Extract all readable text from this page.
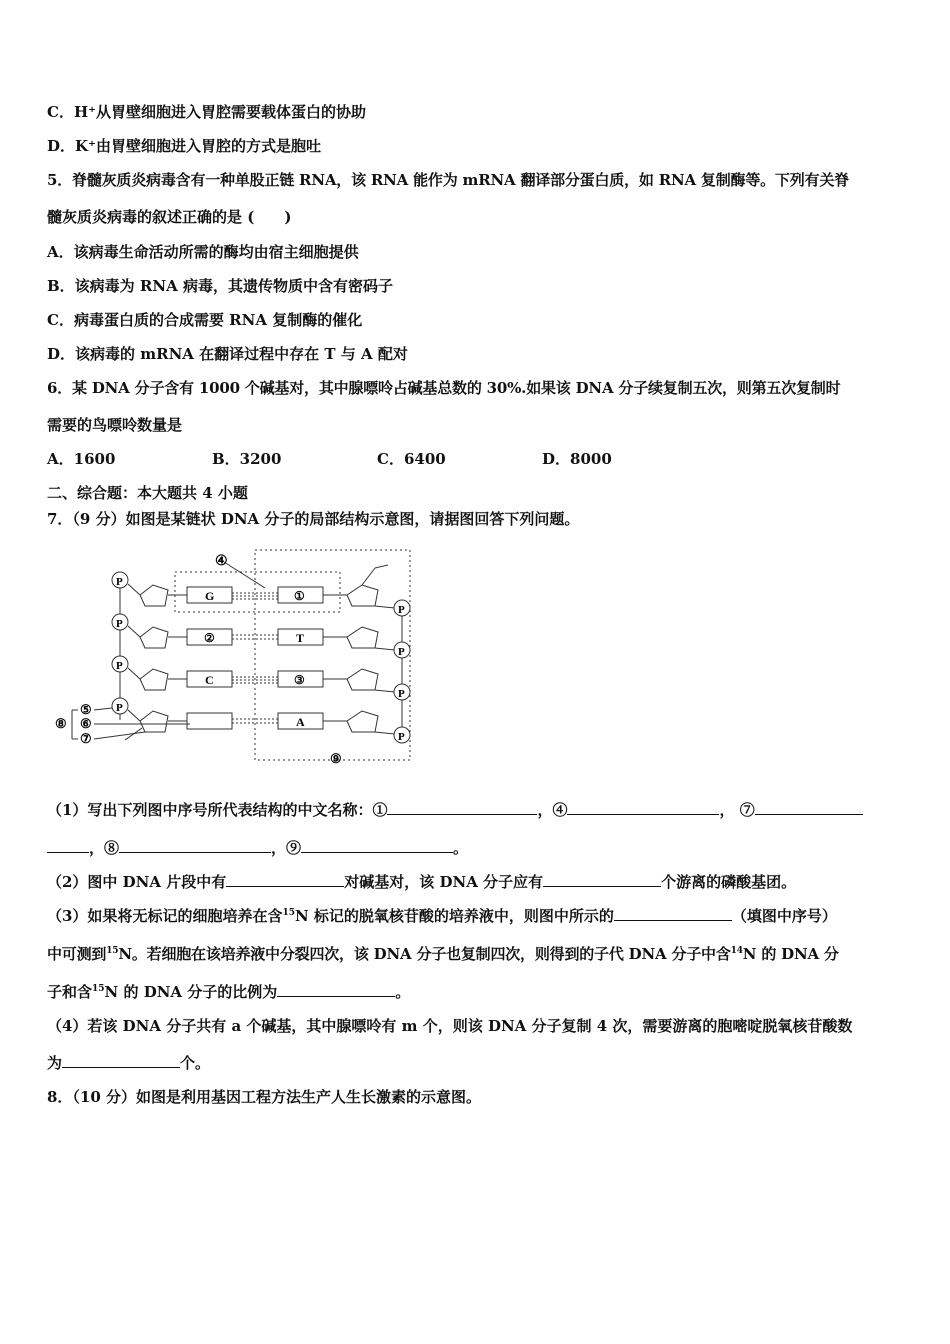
C．H⁺从胃壁细胞进入胃腔需要载体蛋白的协助
D．K⁺由胃壁细胞进入胃腔的方式是胞吐
5．脊髓灰质炎病毒含有一种单股正链 RNA，该 RNA 能作为 mRNA 翻译部分蛋白质，如 RNA 复制酶等。下列有关脊
髓灰质炎病毒的叙述正确的是 (　　)
A．该病毒生命活动所需的酶均由宿主细胞提供
B．该病毒为 RNA 病毒，其遗传物质中含有密码子
C．病毒蛋白质的合成需要 RNA 复制酶的催化
D．该病毒的 mRNA 在翻译过程中存在 T 与 A 配对
6．某 DNA 分子含有 1000 个碱基对，其中腺嘌呤占碱基总数的 30%.如果该 DNA 分子续复制五次，则第五次复制时
需要的鸟嘌呤数量是
A．1600	B．3200	C．6400	D．8000
二、综合题：本大题共 4 小题
7．（9 分）如图是某链状 DNA 分子的局部结构示意图，请据图回答下列问题。
④
P
G
P
②
P
C
P
①
P
T
P
③
P
A
P
⑤
⑥
⑦
⑧
⑨
（1）写出下列图中序号所代表结构的中文名称：①	，④	， ⑦
，⑧	，⑨	。
（2）图中 DNA 片段中有	对碱基对，该 DNA 分子应有	个游离的磷酸基团。
（3）如果将无标记的细胞培养在含$^{15}$N 标记的脱氧核苷酸的培养液中，则图中所示的	（填图中序号）
中可测到$^{15}$N。若细胞在该培养液中分裂四次，该 DNA 分子也复制四次，则得到的子代 DNA 分子中含$^{14}$N 的 DNA 分
子和含$^{15}$N 的 DNA 分子的比例为	。
（4）若该 DNA 分子共有 a 个碱基，其中腺嘌呤有 m 个，则该 DNA 分子复制 4 次，需要游离的胞嘧啶脱氧核苷酸数
为	个。
8．（10 分）如图是利用基因工程方法生产人生长激素的示意图。
